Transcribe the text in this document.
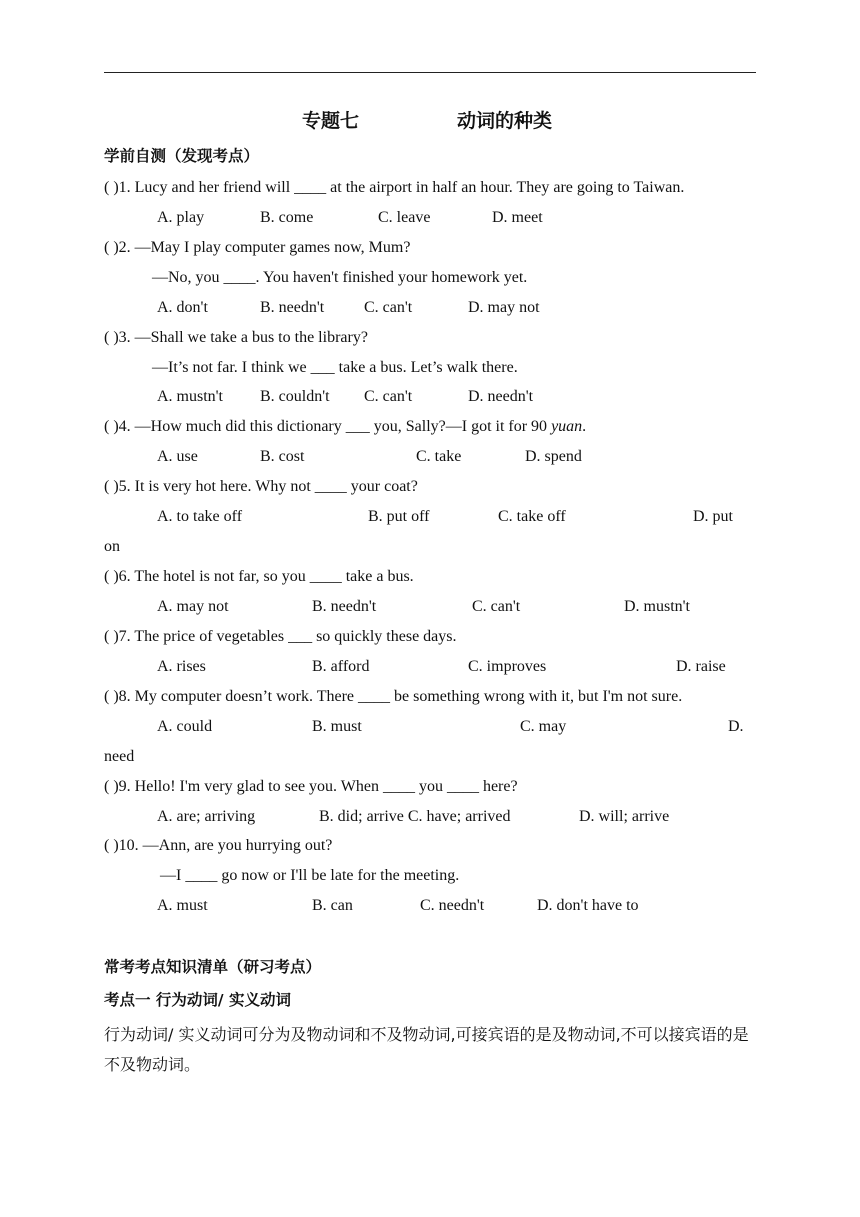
专题七	动词的种类
学前自测（发现考点）
( )1. Lucy and her friend will ____ at the airport in half an hour. They are going to Taiwan.
A. play	B. come	C. leave	D. meet
( )2. —May I play computer games now, Mum?
—No, you ____. You haven't finished your homework yet.
A. don't	B. needn't C. can't	D. may not
( )3. —Shall we take a bus to the library?
—It’s not far. I think we ___ take a bus. Let’s walk there.
A. mustn't B. couldn't C. can't	D. needn't
( )4. —How much did this dictionary ___ you, Sally?—I got it for 90 yuan.
A. use	B. cost	C. take	D. spend
( )5. It is very hot here. Why not ____ your coat?
A. to take off	B. put off	C. take off	D. put
on
( )6. The hotel is not far, so you ____ take a bus.
A. may not	B. needn't	C. can't	D. mustn't
( )7. The price of vegetables ___ so quickly these days.
A. rises	B. afford	C. improves	D. raise
( )8. My computer doesn’t work. There ____ be something wrong with it, but I'm not sure.
A. could	B. must	C. may	D.
need
( )9. Hello! I'm very glad to see you. When ____ you ____ here?
A. are; arriving	B. did; arrive C. have; arrived	D. will; arrive
( )10. —Ann, are you hurrying out?
—I ____ go now or I'll be late for the meeting.
A. must	B. can	C. needn't	D. don't have to
常考考点知识清单（研习考点）
考点一 行为动词/ 实义动词
行为动词/ 实义动词可分为及物动词和不及物动词,可接宾语的是及物动词,不可以接宾语的是不及物动词。
